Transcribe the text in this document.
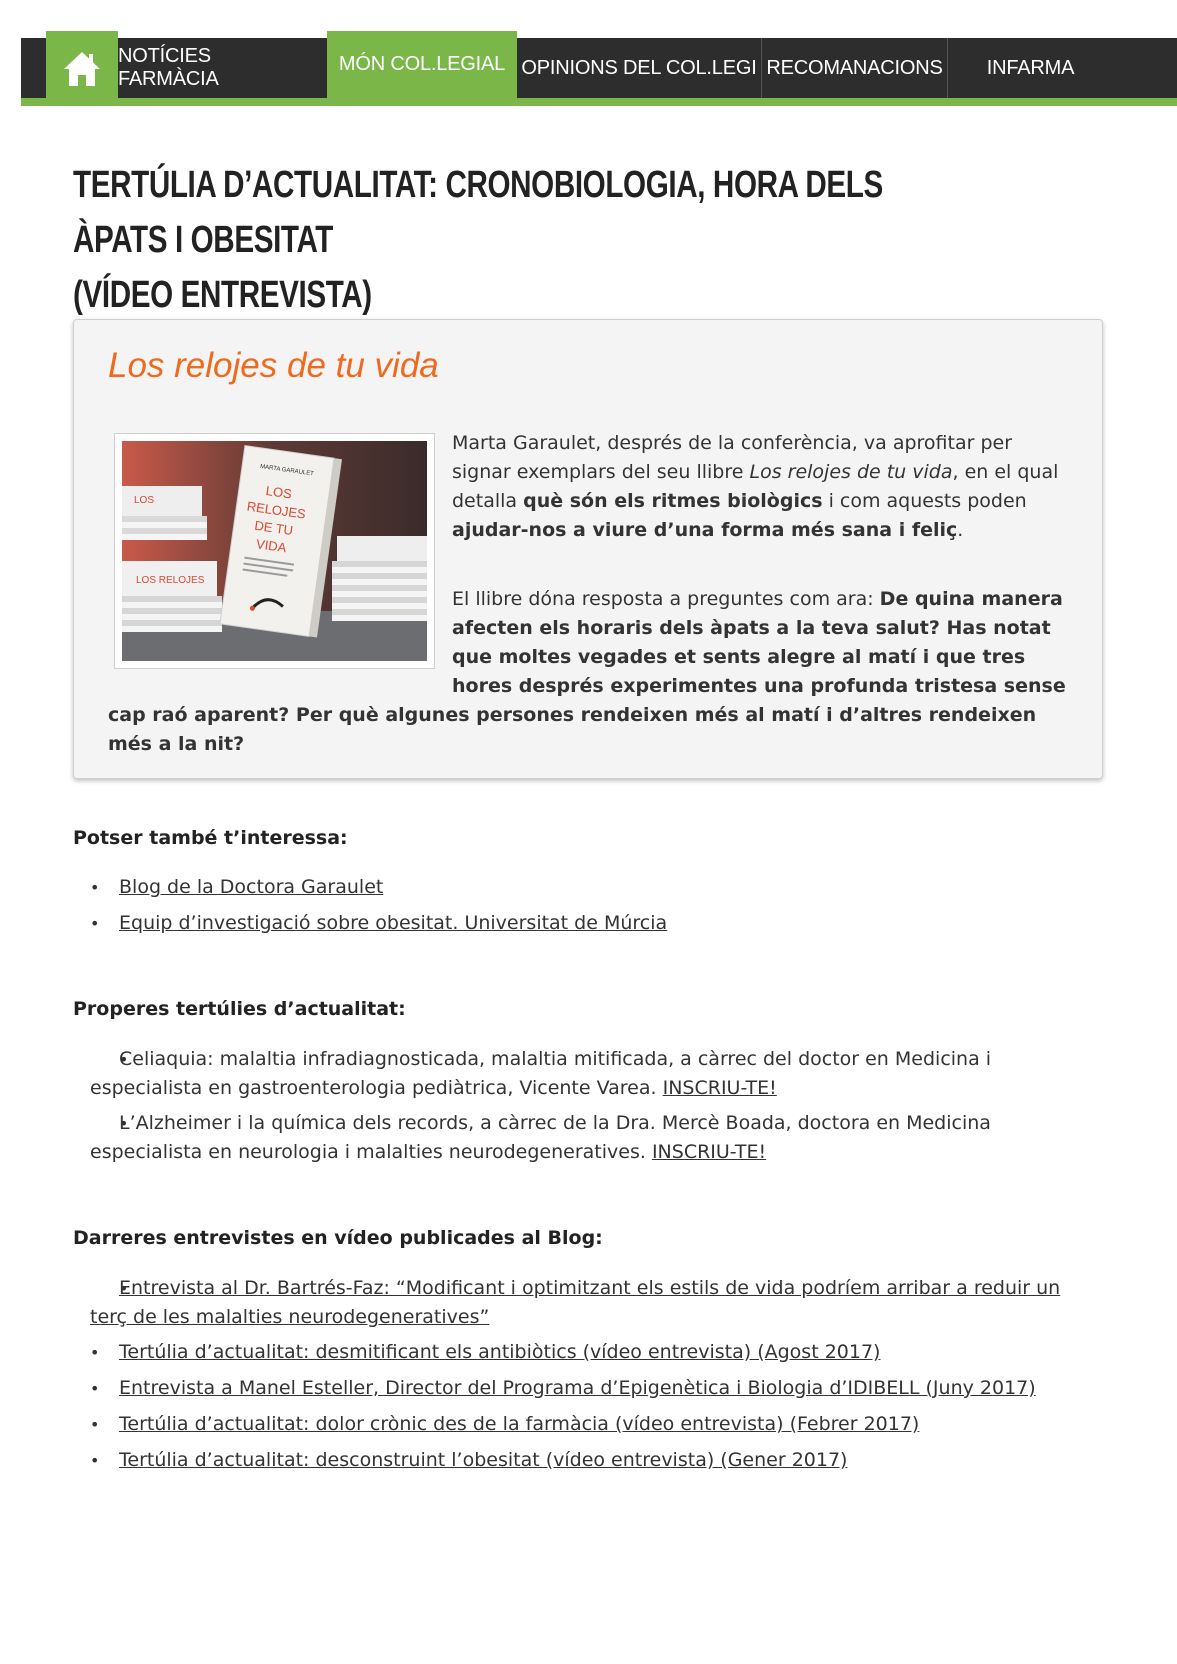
NOTÍCIES FARMÀCIA
MÓN COL.LEGIAL OPINIONS DEL COL.LEGI RECOMANACIONS	INFARMA
TERTÚLIA D’ACTUALITAT: CRONOBIOLOGIA, HORA DELS ÀPATS I OBESITAT
(VÍDEO ENTREVISTA)
Los relojes de tu vida
LOS
LOS RELOJES
MARTA GARAULET
LOS
RELOJES
DE TU
VIDA

Marta Garaulet, després de la conferència, va aprofitar per signar exemplars del seu llibre Los relojes de tu vida, en el qual detalla què són els ritmes biològics i com aquests poden ajudar-nos a viure d’una forma més sana i feliç.

El llibre dóna resposta a preguntes com ara: De quina manera afecten els horaris dels àpats a la teva salut? Has notat que moltes vegades et sents alegre al matí i que tres hores després experimentes una profunda tristesa sense cap raó aparent? Per què algunes persones rendeixen més al matí i d’altres rendeixen més a la nit?

Potser també t’interessa:
• Blog de la Doctora Garaulet
• Equip d’investigació sobre obesitat. Universitat de Múrcia
Properes tertúlies d’actualitat:
• Celiaquia: malaltia infradiagnosticada, malaltia mitificada, a càrrec del doctor en Medicina i especialista en gastroenterologia pediàtrica, Vicente Varea. INSCRIU-TE!
• L’Alzheimer i la química dels records, a càrrec de la Dra. Mercè Boada, doctora en Medicina especialista en neurologia i malalties neurodegeneratives. INSCRIU-TE!
Darreres entrevistes en vídeo publicades al Blog:
• Entrevista al Dr. Bartrés-Faz: “Modificant i optimitzant els estils de vida podríem arribar a reduir un terç de les malalties neurodegeneratives”
• Tertúlia d’actualitat: desmitificant els antibiòtics (vídeo entrevista) (Agost 2017)
• Entrevista a Manel Esteller, Director del Programa d’Epigenètica i Biologia d’IDIBELL (Juny 2017)
• Tertúlia d’actualitat: dolor crònic des de la farmàcia (vídeo entrevista) (Febrer 2017)
• Tertúlia d’actualitat: desconstruint l’obesitat (vídeo entrevista) (Gener 2017)
